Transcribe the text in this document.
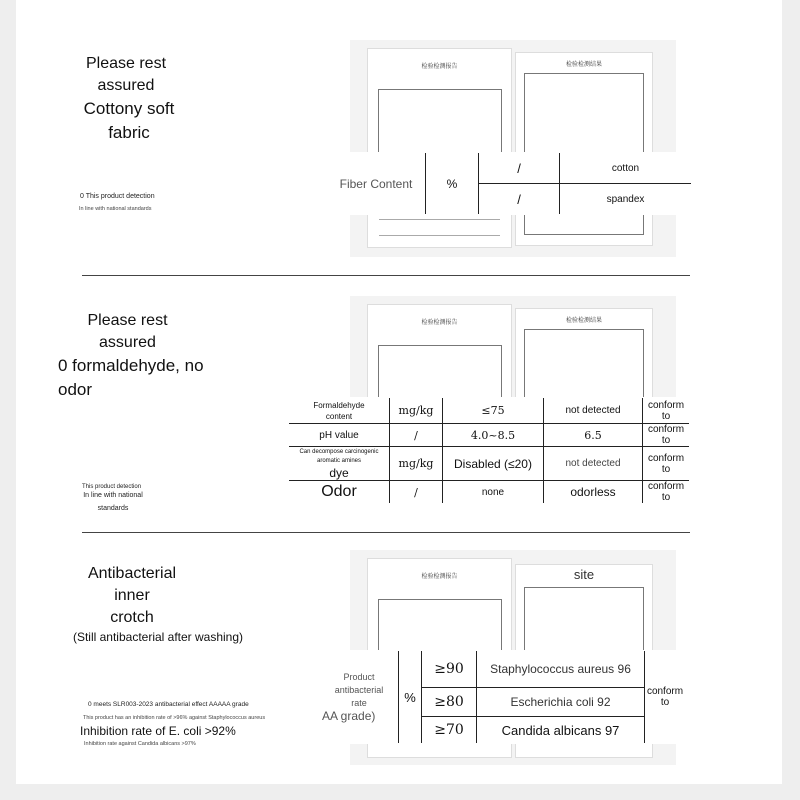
Please rest
assured
Cottony soft fabric
0 This product detection
In line with national standards
检验检测报告	检验检测结果
Fiber Content	%	/	cotton
		/	spandex
Please rest
assured
0 formaldehyde, no odor
This product detection
In line with national
standards
检验检测报告	检验检测结果
Formaldehyde
content	mg/kg	≤75	not detected	conform to
pH value	/	4.0~8.5	6.5	conform to

Can decompose carcinogenic aromatic amines
dye	mg/kg	Disabled (≤20)	not detected	conform to
Odor	/	none	odorless	conform to
Antibacterial inner
crotch
(Still antibacterial after washing)
0 meets SLR003-2023 antibacterial effect AAAAA grade
This product has an inhibition rate of >96% against Staphylococcus aureus
Inhibition rate of E. coli >92%
Inhibition rate against Candida albicans >97%
检验检测报告	site
Product antibacterial
rate
AA grade)	%	≥90	Staphylococcus aureus 96	conform to
		≥80	Escherichia coli 92	
		≥70	Candida albicans 97	
